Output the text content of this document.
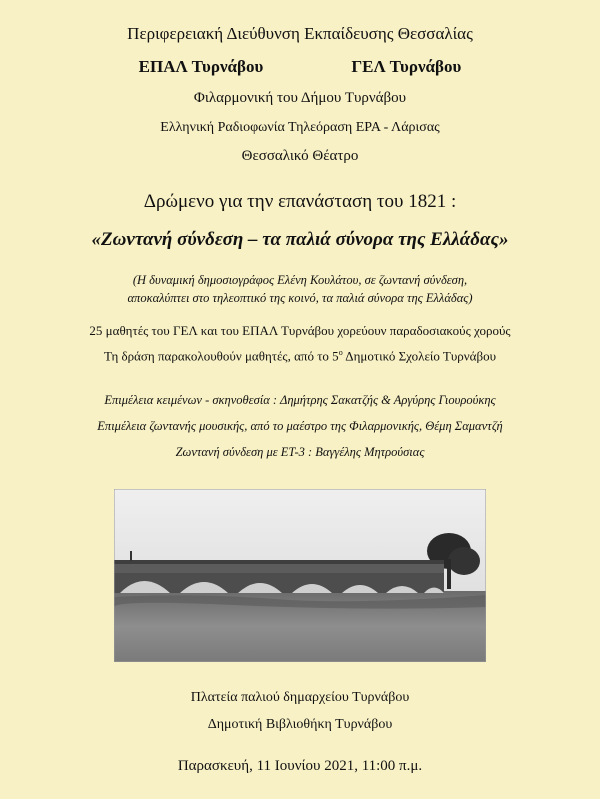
Περιφερειακή Διεύθυνση Εκπαίδευσης Θεσσαλίας
ΕΠΑΛ Τυρνάβου	ΓΕΛ Τυρνάβου
Φιλαρμονική του Δήμου Τυρνάβου
Ελληνική Ραδιοφωνία Τηλεόραση ΕΡΑ - Λάρισας
Θεσσαλικό Θέατρο
Δρώμενο για την επανάσταση του 1821 :
«Ζωντανή σύνδεση – τα παλιά σύνορα της Ελλάδας»
(Η δυναμική δημοσιογράφος Ελένη Κουλάτου, σε ζωντανή σύνδεση,
αποκαλύπτει στο τηλεοπτικό της κοινό, τα παλιά σύνορα της Ελλάδας)
25 μαθητές του ΓΕΛ και του ΕΠΑΛ Τυρνάβου χορεύουν παραδοσιακούς χορούς
Τη δράση παρακολουθούν μαθητές, από το $5^o$ Δημοτικό Σχολείο Τυρνάβου
Επιμέλεια κειμένων - σκηνοθεσία : Δημήτρης Σακατζής & Αργύρης Γιουρούκης
Επιμέλεια ζωντανής μουσικής, από το μαέστρο της Φιλαρμονικής, Θέμη Σαμαντζή
Ζωντανή σύνδεση με ΕΤ-3 : Βαγγέλης Μητρούσιας
Πλατεία παλιού δημαρχείου Τυρνάβου
Δημοτική Βιβλιοθήκη Τυρνάβου
Παρασκευή, 11 Ιουνίου 2021, 11:00 π.μ.
